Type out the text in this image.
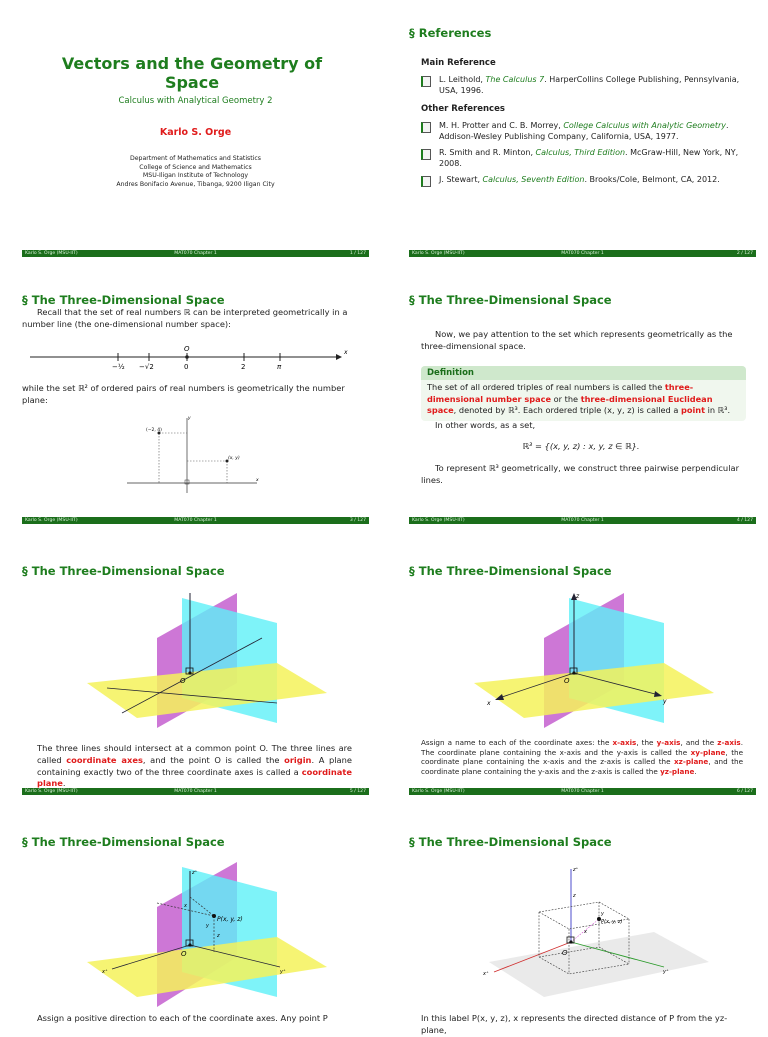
Vectors and the Geometry of Space
Calculus with Analytical Geometry 2
Karlo S. Orge
Department of Mathematics and Statistics
College of Science and Mathematics
MSU-Iligan Institute of Technology
Andres Bonifacio Avenue, Tibanga, 9200 Iligan City
Karlo S. Orge (MSU-IIT)	MAT070 Chapter 1	1 / 127
§ References
Main Reference
L. Leithold, The Calculus 7. HarperCollins College Publishing, Pennsylvania, USA, 1996.
Other References
M. H. Protter and C. B. Morrey, College Calculus with Analytic Geometry. Addison-Wesley Publishing Company, California, USA, 1977.
R. Smith and R. Minton, Calculus, Third Edition. McGraw-Hill, New York, NY, 2008.
J. Stewart, Calculus, Seventh Edition. Brooks/Cole, Belmont, CA, 2012.
Karlo S. Orge (MSU-IIT)	MAT070 Chapter 1	2 / 127
§ The Three-Dimensional Space
Recall that the set of real numbers ℝ can be interpreted geometrically in a number line (the one-dimensional number space):
O
0	2	π
−½ −√2
x
while the set ℝ² of ordered pairs of real numbers is geometrically the number plane:
(−2, 4)
(x, y)
y
x
Karlo S. Orge (MSU-IIT)	MAT070 Chapter 1	3 / 127
§ The Three-Dimensional Space
Now, we pay attention to the set which represents geometrically as the three-dimensional space.
Definition
The set of all ordered triples of real numbers is called the three-dimensional number space or the three-dimensional Euclidean space, denoted by ℝ³. Each ordered triple (x, y, z) is called a point in ℝ³.
In other words, as a set,
ℝ³ = {(x, y, z) : x, y, z ∈ ℝ}.
To represent ℝ³ geometrically, we construct three pairwise perpendicular lines.
Karlo S. Orge (MSU-IIT)	MAT070 Chapter 1	4 / 127
§ The Three-Dimensional Space
O
The three lines should intersect at a common point O. The three lines are called coordinate axes, and the point O is called the origin. A plane containing exactly two of the three coordinate axes is called a coordinate plane.
Karlo S. Orge (MSU-IIT)	MAT070 Chapter 1	5 / 127
§ The Three-Dimensional Space
z
x	y
O
Assign a name to each of the coordinate axes: the x-axis, the y-axis, and the z-axis. The coordinate plane containing the x-axis and the y-axis is called the xy-plane, the coordinate plane containing the x-axis and the z-axis is called the xz-plane, and the coordinate plane containing the y-axis and the z-axis is called the yz-plane.
Karlo S. Orge (MSU-IIT)	MAT070 Chapter 1	6 / 127
§ The Three-Dimensional Space
P(x, y, z)
z⁺
x⁺	y⁺
O
x
y
z
Assign a positive direction to each of the coordinate axes. Any point P
§ The Three-Dimensional Space
P(x, y, z)
z⁺
x⁺	y⁺
O
x
y
z
In this label P(x, y, z), x represents the directed distance of P from the yz-plane,
